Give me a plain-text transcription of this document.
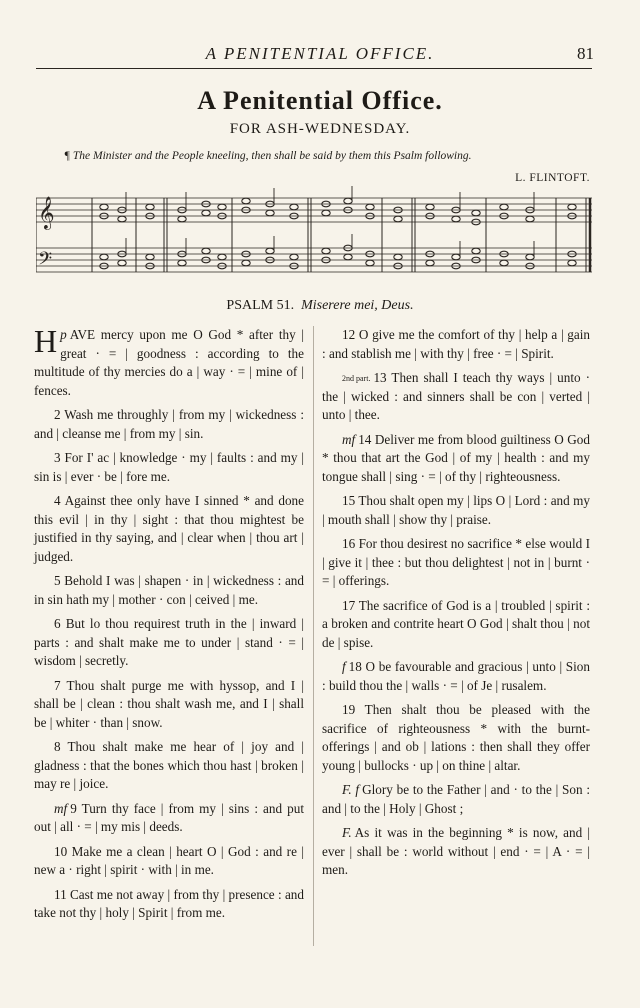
A PENITENTIAL OFFICE.	81
A Penitential Office.
FOR ASH-WEDNESDAY.
¶ The Minister and the People kneeling, then shall be said by them this Psalm following.
L. FLINTOFT.
𝄞
𝄢
PSALM 51. Miserere mei, Deus.

p
H AVE mercy upon me O God * after thy | great · = | goodness : according to the multitude of thy mercies do a | way · = | mine of | fences.

2 Wash me throughly | from my | wickedness : and | cleanse me | from my | sin.

3 For I' ac | knowledge · my | faults : and my | sin is | ever · be | fore me.

4 Against thee only have I sinned * and done this evil | in thy | sight : that thou mightest be justified in thy saying, and | clear when | thou art | judged.

5 Behold I was | shapen · in | wickedness : and in sin hath my | mother · con | ceived | me.

6 But lo thou requirest truth in the | inward | parts : and shalt make me to under | stand · = | wisdom | secretly.

7 Thou shalt purge me with hyssop, and I | shall be | clean : thou shalt wash me, and I | shall be | whiter · than | snow.

8 Thou shalt make me hear of | joy and | gladness : that the bones which thou hast | broken | may re | joice.

mf 9 Turn thy face | from my | sins : and put out | all · = | my mis | deeds.

10 Make me a clean | heart O | God : and re | new a · right | spirit · with | in me.

11 Cast me not away | from thy | presence : and take not thy | holy | Spirit | from me.

12 O give me the comfort of thy | help a | gain : and stablish me | with thy | free · = | Spirit.

2nd part. 13 Then shall I teach thy ways | unto · the | wicked : and sinners shall be con | verted | unto | thee.

mf 14 Deliver me from blood guiltiness O God * thou that art the God | of my | health : and my tongue shall | sing · = | of thy | righteousness.

15 Thou shalt open my | lips O | Lord : and my | mouth shall | show thy | praise.

16 For thou desirest no sacrifice * else would I | give it | thee : but thou delightest | not in | burnt · = | offerings.

17 The sacrifice of God is a | troubled | spirit : a broken and contrite heart O God | shalt thou | not de | spise.

f 18 O be favourable and gracious | unto | Sion : build thou the | walls · = | of Je | rusalem.

19 Then shalt thou be pleased with the sacrifice of righteousness * with the burnt-offerings | and ob | lations : then shall they offer young | bullocks · up | on thine | altar.

F. f Glory be to the Father | and · to the | Son : and | to the | Holy | Ghost ;

F. As it was in the beginning * is now, and | ever | shall be : world without | end · = | A · = | men.
